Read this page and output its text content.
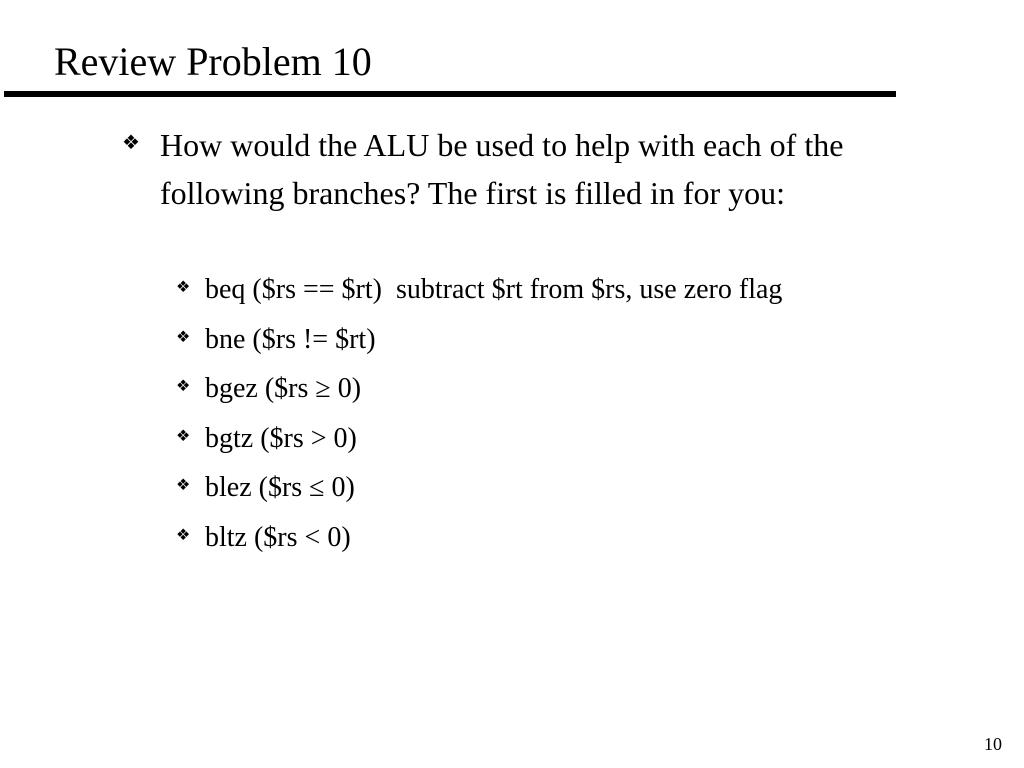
Review Problem 10
❖ How would the ALU be used to help with each of the following branches? The first is filled in for you:
❖ beq ($rs == $rt)  subtract $rt from $rs, use zero flag
❖ bne ($rs != $rt)
❖ bgez ($rs ≥ 0)
❖ bgtz ($rs > 0)
❖ blez ($rs ≤ 0)
❖ bltz ($rs < 0)
10
